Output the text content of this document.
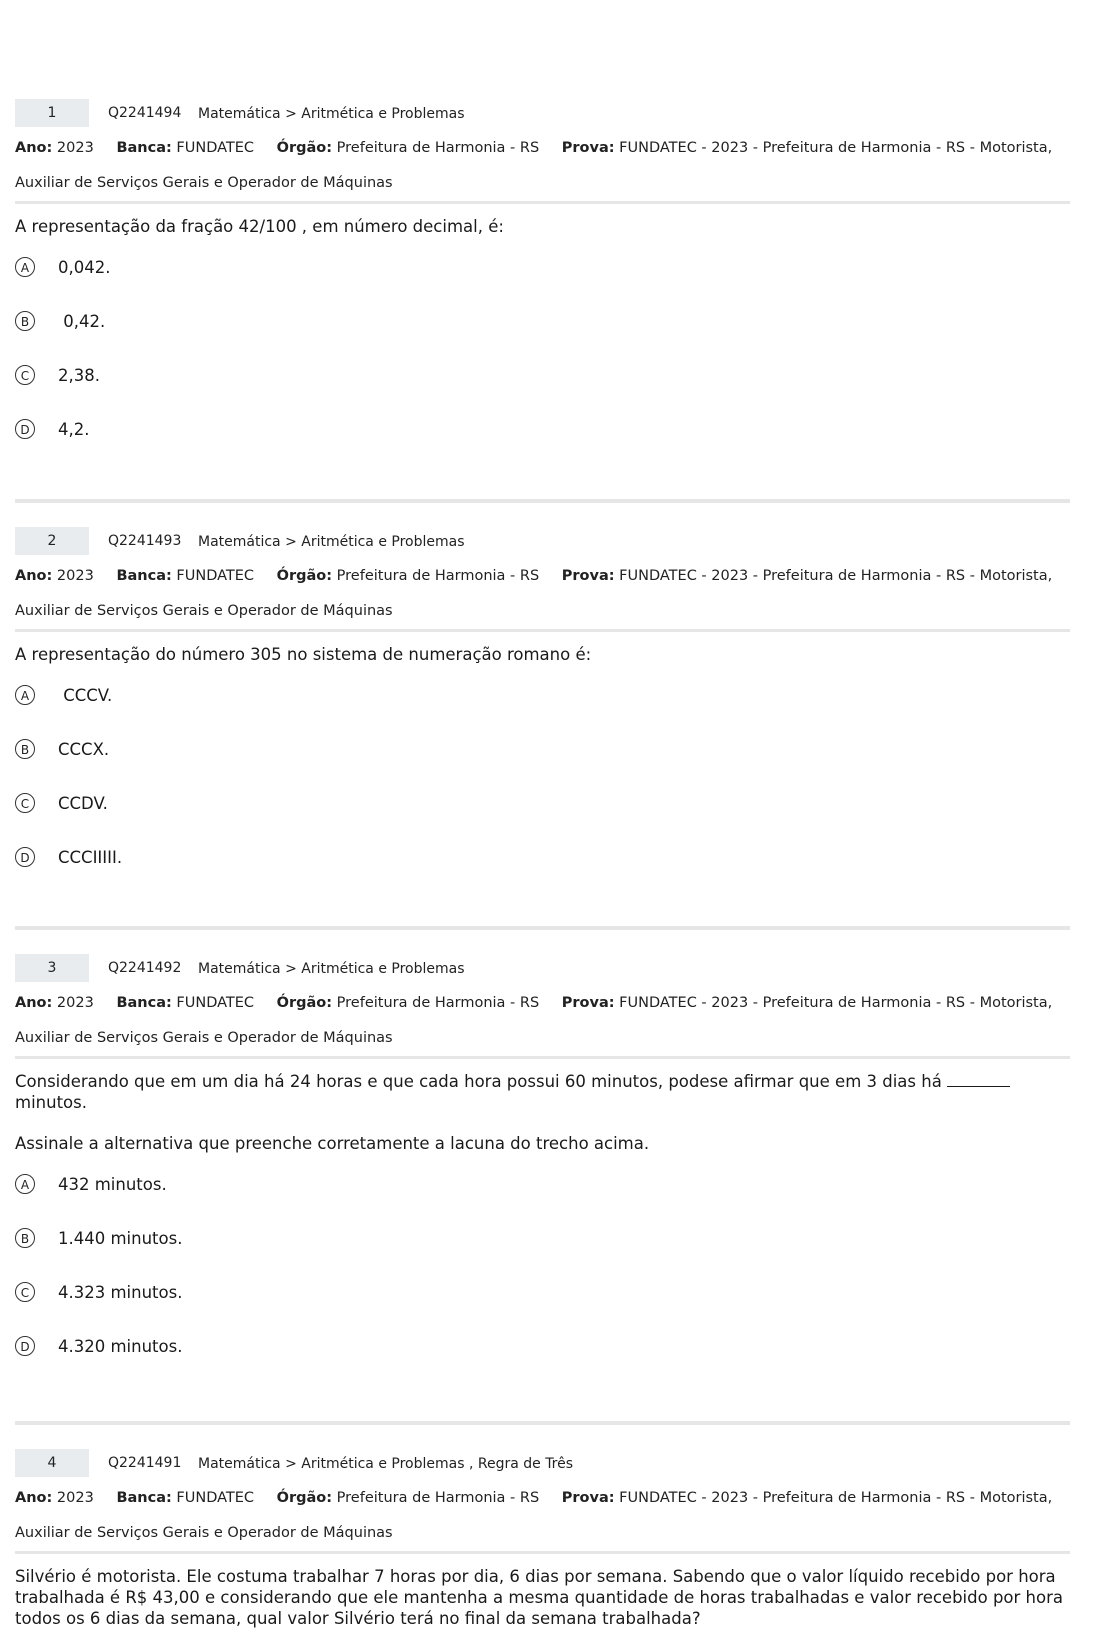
1	Q2241494 Matemática > Aritmética e Problemas
Ano: 2023 Banca: FUNDATEC Órgão: Prefeitura de Harmonia - RS Prova: FUNDATEC - 2023 - Prefeitura de Harmonia - RS - Motorista,
Auxiliar de Serviços Gerais e Operador de Máquinas

A representação da fração 42/100 , em número decimal, é:

A	0,042.
B	0,42.
C	2,38.
D	4,2.
2	Q2241493 Matemática > Aritmética e Problemas
Ano: 2023 Banca: FUNDATEC Órgão: Prefeitura de Harmonia - RS Prova: FUNDATEC - 2023 - Prefeitura de Harmonia - RS - Motorista,
Auxiliar de Serviços Gerais e Operador de Máquinas

A representação do número 305 no sistema de numeração romano é:

A	CCCV.
B	CCCX.
C	CCDV.
D	CCCIIIII.
3	Q2241492 Matemática > Aritmética e Problemas
Ano: 2023 Banca: FUNDATEC Órgão: Prefeitura de Harmonia - RS Prova: FUNDATEC - 2023 - Prefeitura de Harmonia - RS - Motorista,
Auxiliar de Serviços Gerais e Operador de Máquinas

Considerando que em um dia há 24 horas e que cada hora possui 60 minutos, podese afirmar que em 3 dias há  minutos.

Assinale a alternativa que preenche corretamente a lacuna do trecho acima.

A	432 minutos.
B	1.440 minutos.
C	4.323 minutos.
D	4.320 minutos.
4	Q2241491 Matemática > Aritmética e Problemas , Regra de Três
Ano: 2023 Banca: FUNDATEC Órgão: Prefeitura de Harmonia - RS Prova: FUNDATEC - 2023 - Prefeitura de Harmonia - RS - Motorista,
Auxiliar de Serviços Gerais e Operador de Máquinas

Silvério é motorista. Ele costuma trabalhar 7 horas por dia, 6 dias por semana. Sabendo que o valor líquido recebido por hora trabalhada é R$ 43,00 e considerando que ele mantenha a mesma quantidade de horas trabalhadas e valor recebido por hora todos os 6 dias da semana, qual valor Silvério terá no final da semana trabalhada?
